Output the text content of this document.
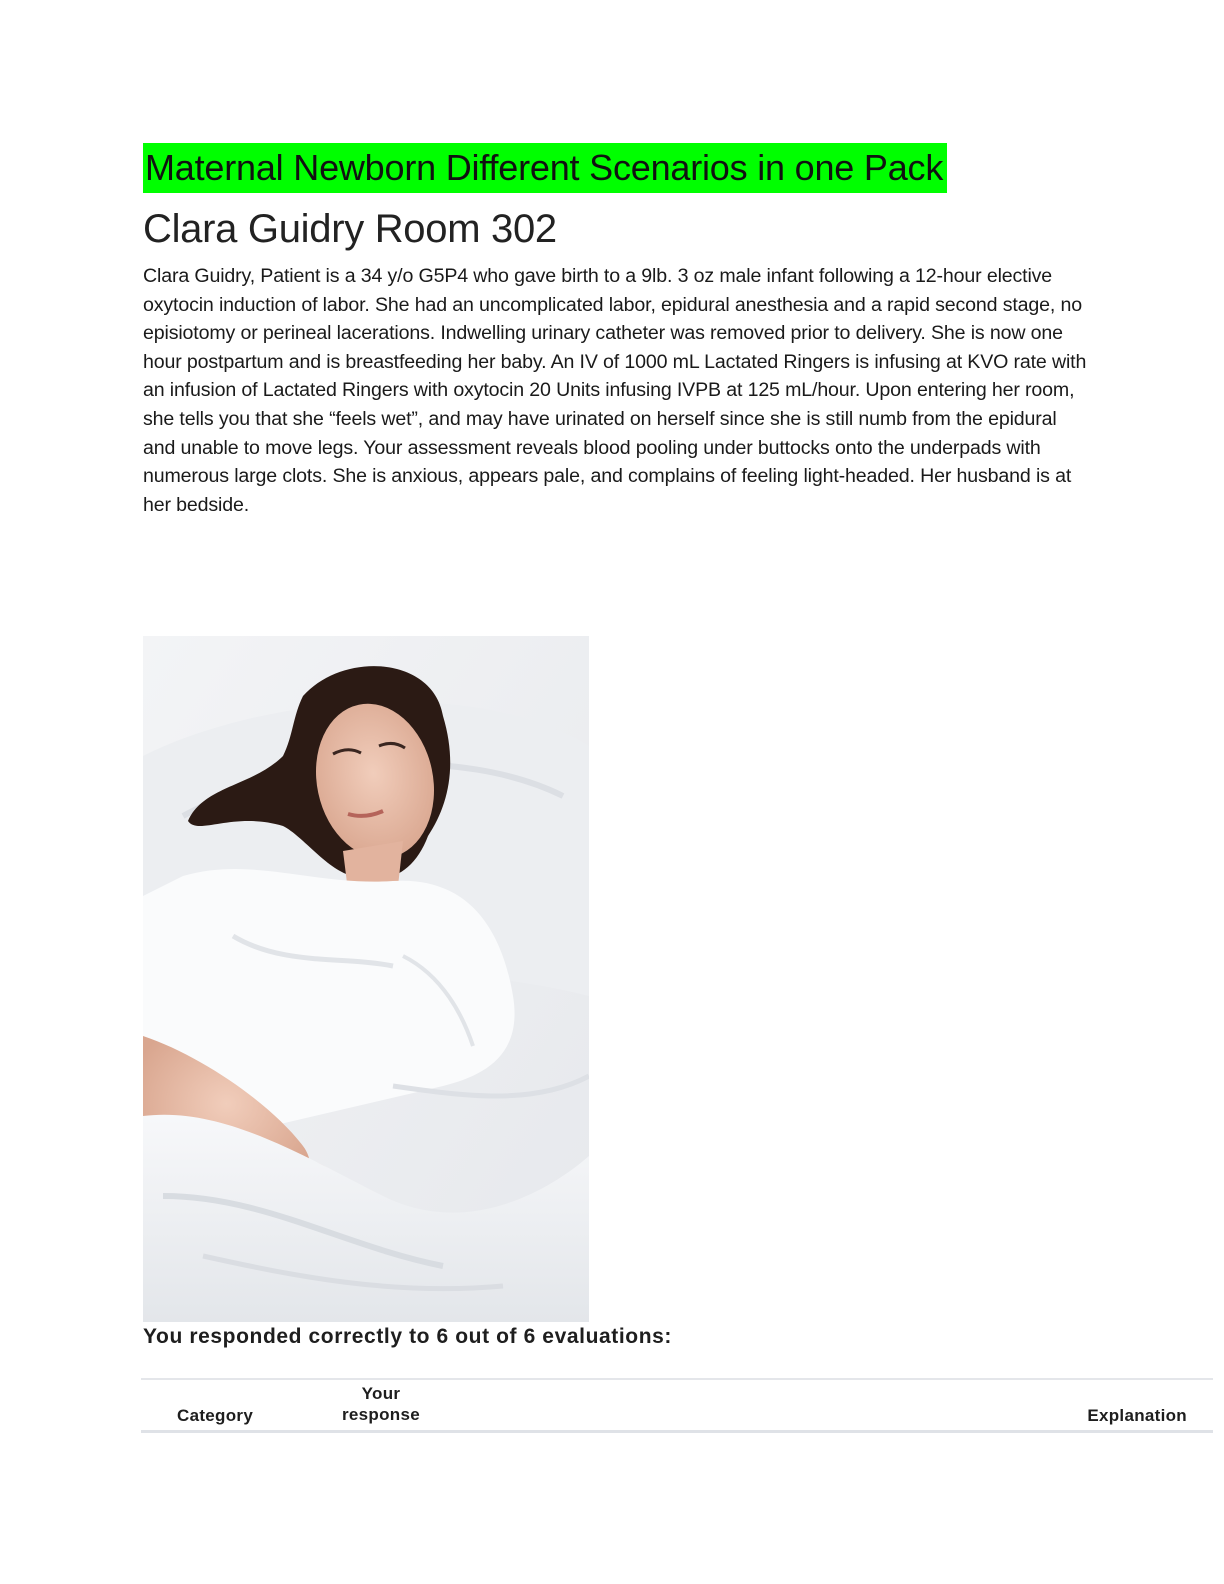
Maternal Newborn Different Scenarios in one Pack
Clara Guidry Room 302

Clara Guidry, Patient is a 34 y/o G5P4 who gave birth to a 9lb. 3 oz male infant following a 12-hour elective oxytocin induction of labor. She had an uncomplicated labor, epidural anesthesia and a rapid second stage, no episiotomy or perineal lacerations. Indwelling urinary catheter was removed prior to delivery. She is now one hour postpartum and is breastfeeding her baby. An IV of 1000 mL Lactated Ringers is infusing at KVO rate with an infusion of Lactated Ringers with oxytocin 20 Units infusing IVPB at 125 mL/hour. Upon entering her room, she tells you that she “feels wet”, and may have urinated on herself since she is still numb from the epidural and unable to move legs. Your assessment reveals blood pooling under buttocks onto the underpads with numerous large clots. She is anxious, appears pale, and complains of feeling light-headed. Her husband is at her bedside.

You responded correctly to 6 out of 6 evaluations:
Category
Your response	Explanation
